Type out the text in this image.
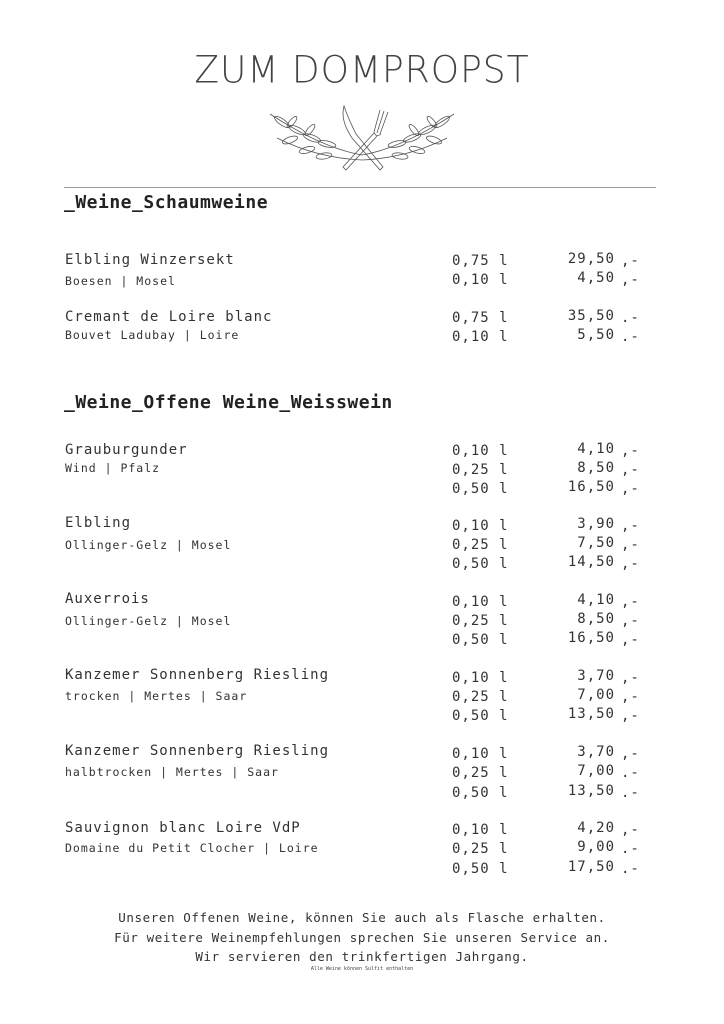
ZUM DOMPROPST
_Weine_Schaumweine
Elbling Winzersekt
Boesen | Mosel
0,75 l	29,50 ,-
0,10 l	4,50 ,-
Cremant de Loire blanc
Bouvet Ladubay | Loire
0,75 l	35,50 .-
0,10 l	5,50 .-
_Weine_Offene Weine_Weisswein
Grauburgunder
Wind | Pfalz
0,10 l	4,10 ,-
0,25 l	8,50 ,-
0,50 l	16,50 ,-
Elbling
Ollinger-Gelz | Mosel
0,10 l	3,90 ,-
0,25 l	7,50 ,-
0,50 l	14,50 ,-
Auxerrois
Ollinger-Gelz | Mosel
0,10 l	4,10 ,-
0,25 l	8,50 ,-
0,50 l	16,50 ,-
Kanzemer Sonnenberg Riesling
trocken | Mertes | Saar
0,10 l	3,70 ,-
0,25 l	7,00 ,-
0,50 l	13,50 ,-
Kanzemer Sonnenberg Riesling
halbtrocken | Mertes | Saar
0,10 l	3,70 ,-
0,25 l	7,00 .-
0,50 l	13,50 .-
Sauvignon blanc Loire VdP
Domaine du Petit Clocher | Loire
0,10 l	4,20 ,-
0,25 l	9,00 .-
0,50 l	17,50 .-
Unseren Offenen Weine, können Sie auch als Flasche erhalten.
Für weitere Weinempfehlungen sprechen Sie unseren Service an.
Wir servieren den trinkfertigen Jahrgang.
Alle Weine können Sulfit enthalten
